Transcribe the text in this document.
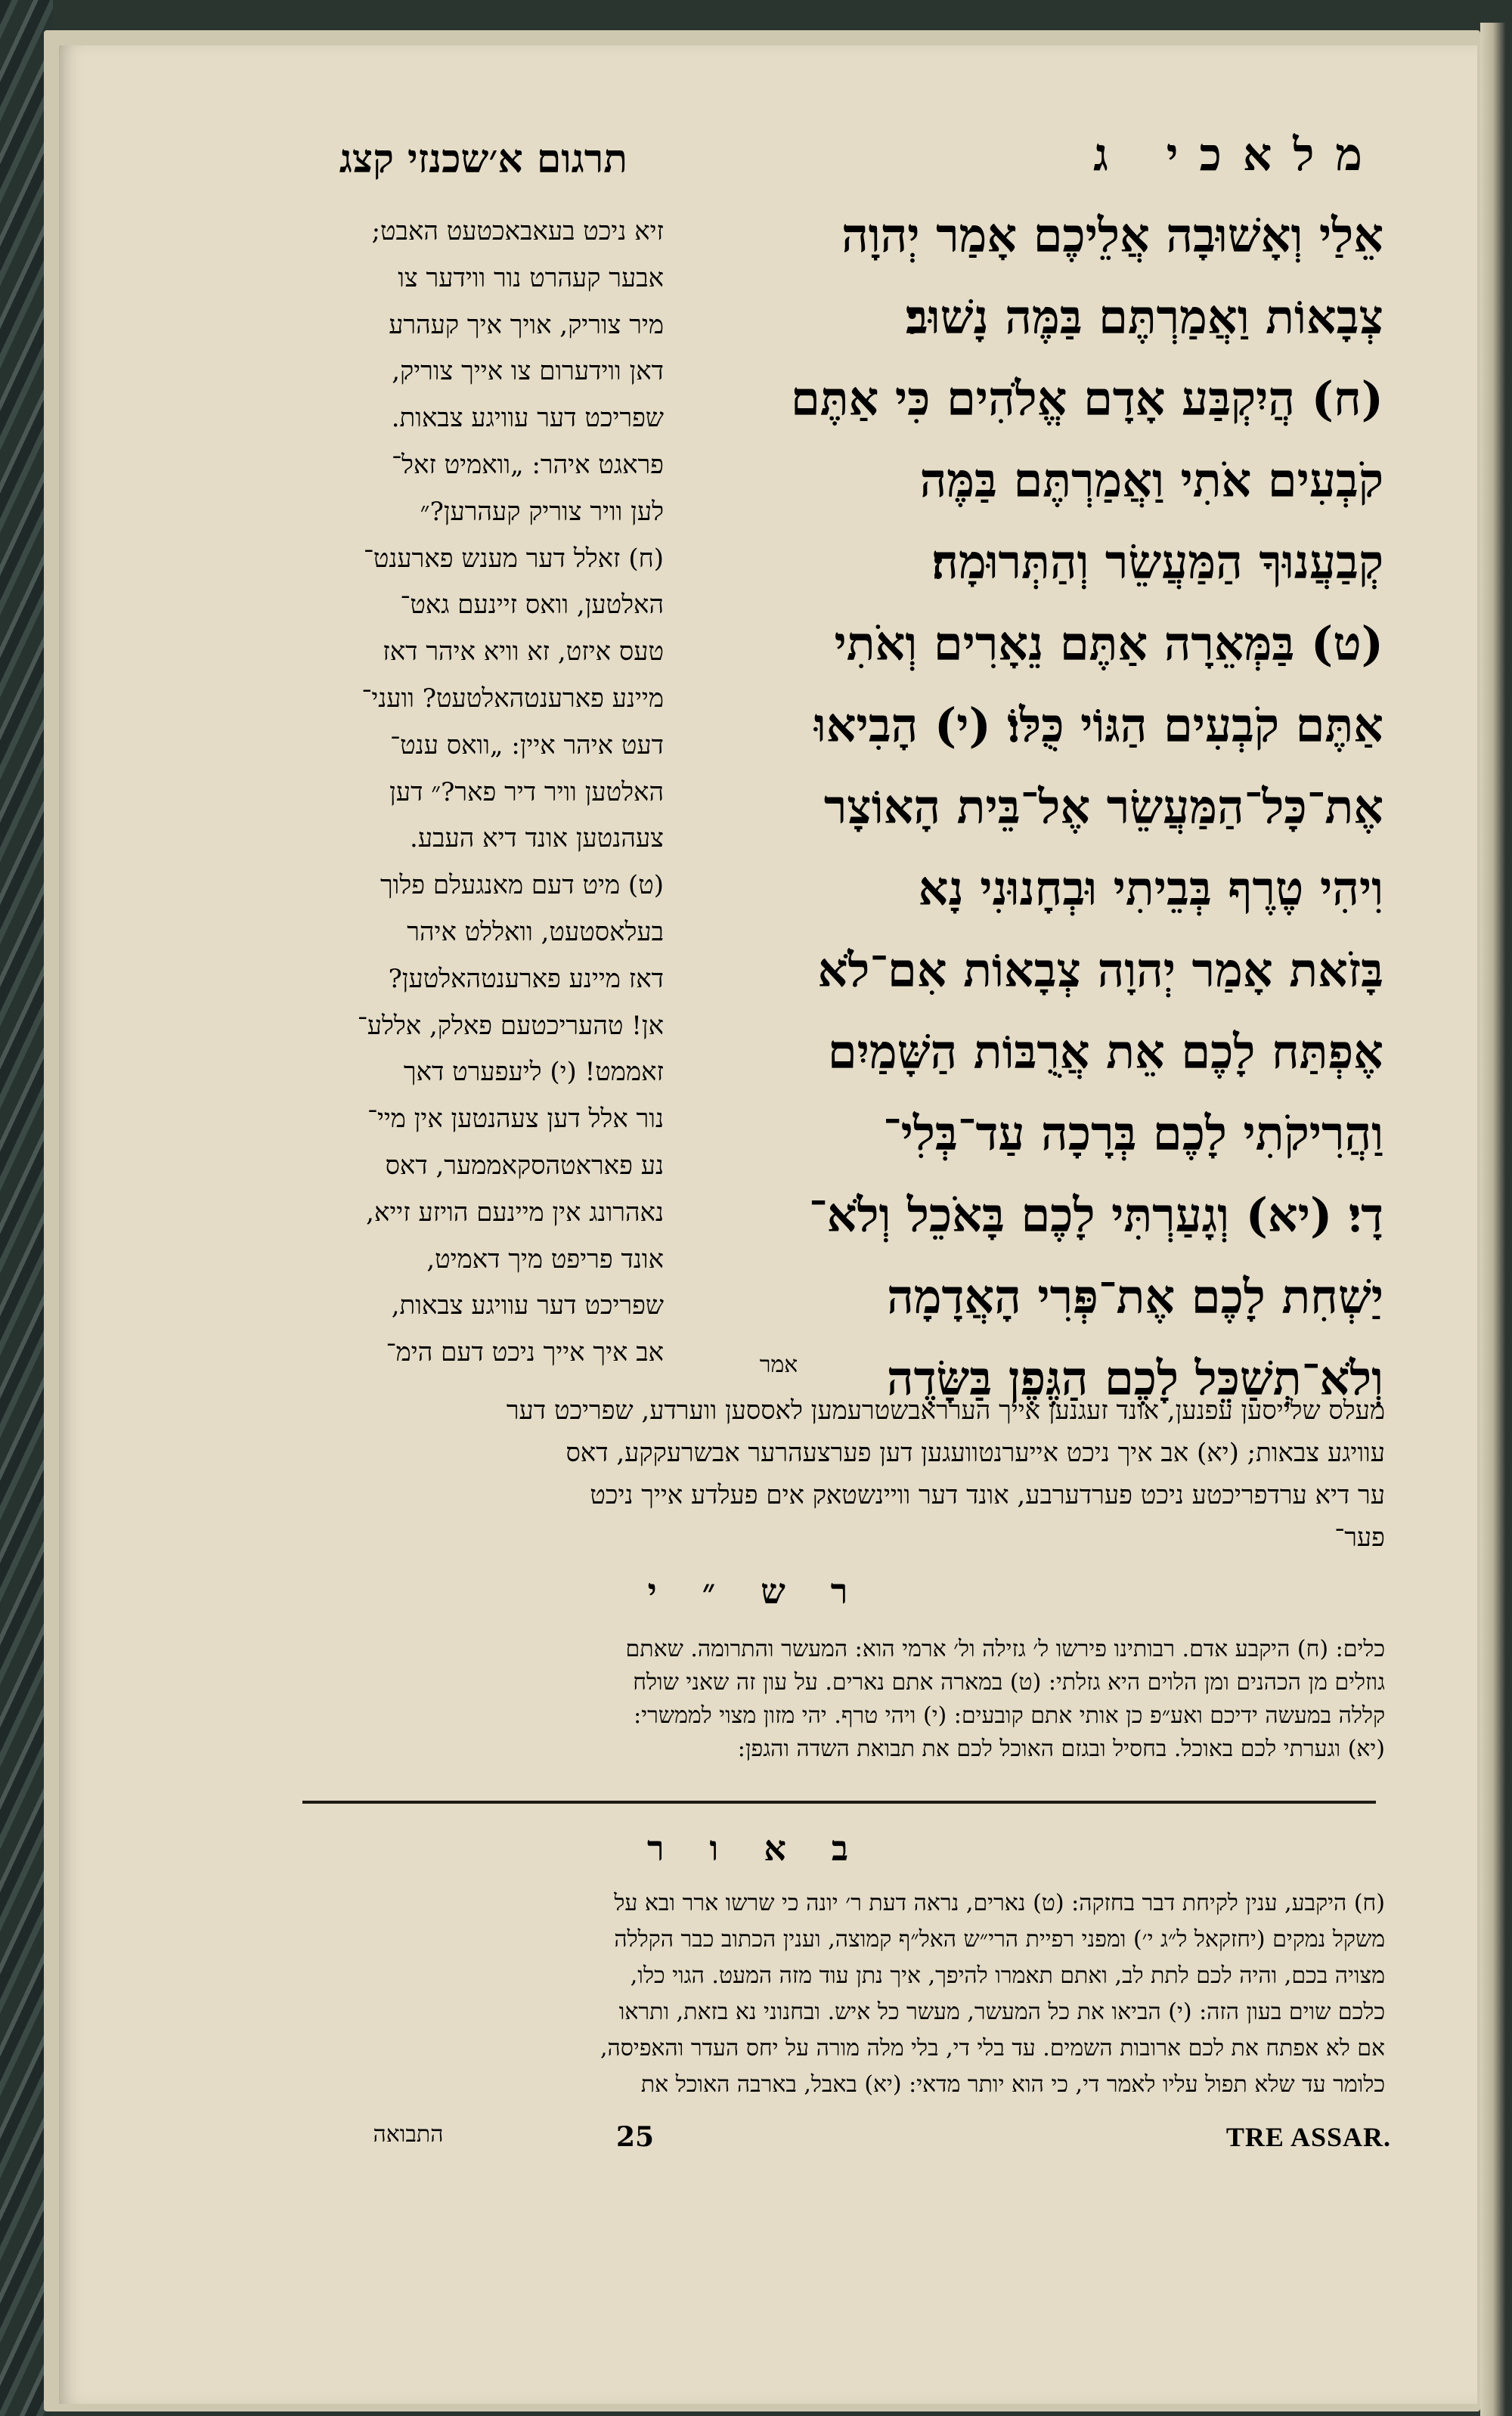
מלאכי ג
תרגום א׳שכנזי קצג
אֵלַי וְאָשׁוּבָה אֲלֵיכֶם אָמַר יְהוָה
צְבָאוֹת וַאֲמַרְתֶּם בַּמֶּה נָשׁוּב׃
(ח) הֲיִקְבַּע אָדָם אֱלֹהִים כִּי אַתֶּם
קֹבְעִים אֹתִי וַאֲמַרְתֶּם בַּמֶּה
קְבַעֲנוּךָ הַמַּעֲשֵׂר וְהַתְּרוּמָה׃
(ט) בַּמְּאֵרָה אַתֶּם נֵאָרִים וְאֹתִי
אַתֶּם קֹבְעִים הַגּוֹי כֻּלּוֹ׃ (י) הָבִיאוּ
אֶת־כָּל־הַמַּעֲשֵׂר אֶל־בֵּית הָאוֹצָר
וִיהִי טֶרֶף בְּבֵיתִי וּבְחָנוּנִי נָא
בָּזֹאת אָמַר יְהוָה צְבָאוֹת אִם־לֹא
אֶפְתַּח לָכֶם אֵת אֲרֻבּוֹת הַשָּׁמַיִם
וַהֲרִיקֹתִי לָכֶם בְּרָכָה עַד־בְּלִי־
דָי׃ (יא) וְגָעַרְתִּי לָכֶם בָּאֹכֵל וְלֹא־
יַשְׁחִת לָכֶם אֶת־פְּרִי הָאֲדָמָה
וְלֹא־תְשַׁכֵּל לָכֶם הַגֶּפֶן בַּשָּׂדֶה
אמר
זיא ניכט בעאבאכטעט האבט;
אבער קעהרט נור ווידער צו
מיר צוריק, אויך איך קעהרע
דאן ווידערום צו אייך צוריק,
שפריכט דער עוויגע צבאות.
פראגט איהר: „וואמיט זאל־
לען וויר צוריק קעהרען?״
(ח) זאלל דער מענש פארענט־
האלטען, וואס זיינעם גאט־
טעס איזט, זא וויא איהר דאז
מיינע פארענטהאלטעט? וועני־
דעט איהר איין: „וואס ענט־
האלטען וויר דיר פאר?״ דען
צעהנטען אונד דיא העבע.
(ט) מיט דעם מאנגעלם פלוך
בעלאסטעט, וואללט איהר
דאז מיינע פארענטהאלטען?
אן! טהעריכטעם פאלק, אללע־
זאממט! (י) ליעפערט דאך
נור אלל דען צעהנטען אין מיי־
נע פאראטהסקאממער, דאס
נאהרונג אין מיינעם הויזע זייא,
אונד פריפט מיך דאמיט,
שפריכט דער עוויגע צבאות,
אב איך אייך ניכט דעם הימ־
מעלס שלייסען עפנען, אונד זעגנען אייך הערראבשטרעמען לאססען ווערדע, שפריכט דער
עוויגע צבאות; (יא) אב איך ניכט אייערנטוועגען דען פערצעהרער אבשרעקקע, דאס
ער דיא ערדפריכטע ניכט פערדערבע, אונד דער וויינשטאק אים פעלדע אייך ניכט
פער־
ר ש ״ י
כלים: (ח) היקבע אדם. רבותינו פירשו ל׳ גזילה ול׳ ארמי הוא: המעשר והתרומה. שאתם
גוזלים מן הכהנים ומן הלוים היא גזלתי: (ט) במארה אתם נארים. על עון זה שאני שולח
קללה במעשה ידיכם ואע״פ כן אותי אתם קובעים: (י) ויהי טרף. יהי מזון מצוי לממשרי:
(יא) וגערתי לכם באוכל. בחסיל ובגזם האוכל לכם את תבואת השדה והגפן:
ב א ו ר
(ח) היקבע, ענין לקיחת דבר בחזקה: (ט) נארים, נראה דעת ר׳ יונה כי שרשו ארר ובא על
משקל נמקים (יחזקאל ל״ג י׳) ומפני רפיית הרי״ש האל״ף קמוצה, וענין הכתוב כבר הקללה
מצויה בכם, והיה לכם לתת לב, ואתם תאמרו להיפך, איך נתן עוד מזה המעט. הגוי כלו,
כלכם שוים בעון הזה: (י) הביאו את כל המעשר, מעשר כל איש. ובחנוני נא בזאת, ותראו
אם לא אפתח את לכם ארובות השמים. עד בלי די, בלי מלה מורה על יחס העדר והאפיסה,
כלומר עד שלא תפול עליו לאמר די, כי הוא יותר מדאי: (יא) באבל, בארבה האוכל את
התבואה	25	TRE ASSAR.
